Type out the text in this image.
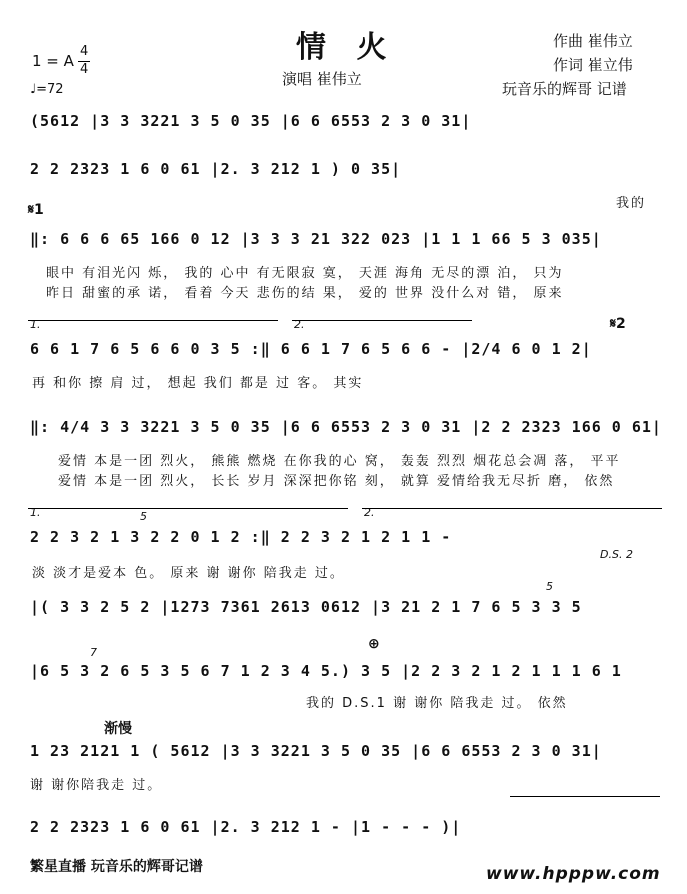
情 火
1 = A
4
4
♩=72
演唱 崔伟立
作曲 崔伟立
作词 崔立伟
玩音乐的辉哥 记谱
(5612 |3 3 3221 3 5 0 35 |6 6 6553 2 3 0 31|
2 2 2323 1 6 0 61 |2. 3 212 1 ) 0 35|
𝄋1	我的
‖: 6 6 6 65 166 0 12 |3 3 3 21 322 023 |1 1 1 66 5 3 035|
眼中 有泪光闪 烁， 我的 心中 有无限寂 寞， 天涯 海角 无尽的漂 泊， 只为
昨日 甜蜜的承 诺， 看着 今天 悲伤的结 果， 爱的 世界 没什么对 错， 原来
1.	2.	𝄋2
6 6 1 7 6 5 6 6 0 3 5 :‖ 6 6 1 7 6 5 6 6 - |2/4 6 0 1 2|
再 和你 擦 肩 过， 想起 我们 都是 过 客。 其实
‖: 4/4 3 3 3221 3 5 0 35 |6 6 6553 2 3 0 31 |2 2 2323 166 0 61|
爱情 本是一团 烈火， 熊熊 燃烧 在你我的心 窝， 轰轰 烈烈 烟花总会凋 落， 平平
爱情 本是一团 烈火， 长长 岁月 深深把你铭 刻， 就算 爱情给我无尽折 磨， 依然
1.	2.
5
2 2 3 2 1 3 2 2 0 1 2 :‖ 2 2 3 2 1 2 1 1 -
D.S. 2
淡 淡才是爱本 色。 原来 谢 谢你 陪我走 过。
5
|( 3 3 2 5 2 |1273 7361 2613 0612 |3 21 2 1 7 6 5 3 3 5
⊕
7
|6 5 3 2 6 5 3 5 6 7 1 2 3 4 5.) 3 5 |2 2 3 2 1 2 1 1 1 6 1
我的 D.S.1 谢 谢你 陪我走 过。 依然
渐慢
1 23 2121 1 ( 5612 |3 3 3221 3 5 0 35 |6 6 6553 2 3 0 31|
谢 谢你陪我走 过。
2 2 2323 1 6 0 61 |2. 3 212 1 - |1 - - - )|
繁星直播 玩音乐的辉哥记谱	www.hpppw.com
